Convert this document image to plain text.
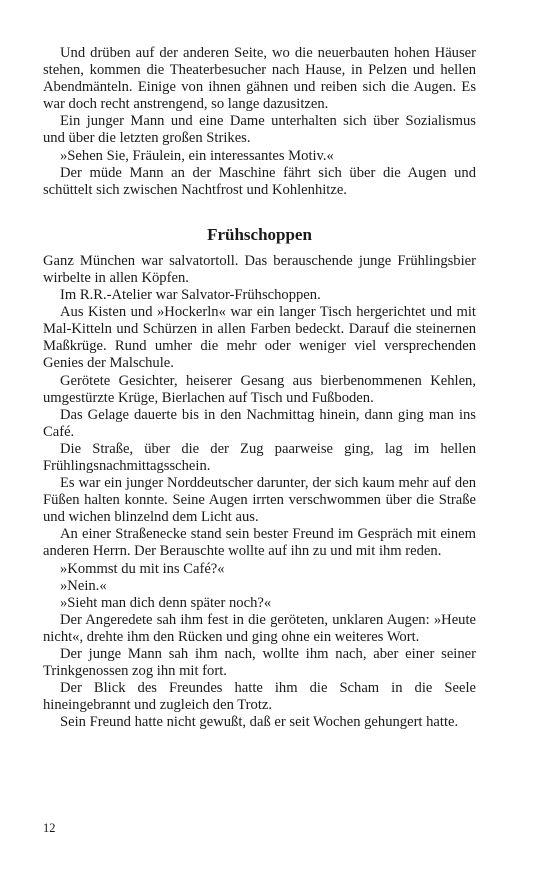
Und drüben auf der anderen Seite, wo die neuerbauten hohen Häuser stehen, kommen die Theaterbesucher nach Hause, in Pelzen und hellen Abendmänteln. Einige von ihnen gähnen und reiben sich die Augen. Es war doch recht anstrengend, so lange dazusitzen.

Ein junger Mann und eine Dame unterhalten sich über Sozialismus und über die letzten großen Strikes.

»Sehen Sie, Fräulein, ein interessantes Motiv.«

Der müde Mann an der Maschine fährt sich über die Augen und schüttelt sich zwischen Nachtfrost und Kohlenhitze.

Frühschoppen

Ganz München war salvatortoll. Das berauschende junge Frühlingsbier wirbelte in allen Köpfen.

Im R.R.-Atelier war Salvator-Frühschoppen.

Aus Kisten und »Hockerln« war ein langer Tisch hergerichtet und mit Mal-Kitteln und Schürzen in allen Farben bedeckt. Darauf die steinernen Maßkrüge. Rund umher die mehr oder weniger viel versprechenden Genies der Malschule.

Gerötete Gesichter, heiserer Gesang aus bierbenommenen Kehlen, umgestürzte Krüge, Bierlachen auf Tisch und Fußboden.

Das Gelage dauerte bis in den Nachmittag hinein, dann ging man ins Café.

Die Straße, über die der Zug paarweise ging, lag im hellen Frühlingsnachmittagsschein.

Es war ein junger Norddeutscher darunter, der sich kaum mehr auf den Füßen halten konnte. Seine Augen irrten verschwommen über die Straße und wichen blinzelnd dem Licht aus.

An einer Straßenecke stand sein bester Freund im Gespräch mit einem anderen Herrn. Der Berauschte wollte auf ihn zu und mit ihm reden.

»Kommst du mit ins Café?«

»Nein.«

»Sieht man dich denn später noch?«

Der Angeredete sah ihm fest in die geröteten, unklaren Augen: »Heute nicht«, drehte ihm den Rücken und ging ohne ein weiteres Wort.

Der junge Mann sah ihm nach, wollte ihm nach, aber einer seiner Trinkgenossen zog ihn mit fort.

Der Blick des Freundes hatte ihm die Scham in die Seele hineingebrannt und zugleich den Trotz.

Sein Freund hatte nicht gewußt, daß er seit Wochen gehungert hatte.

12
